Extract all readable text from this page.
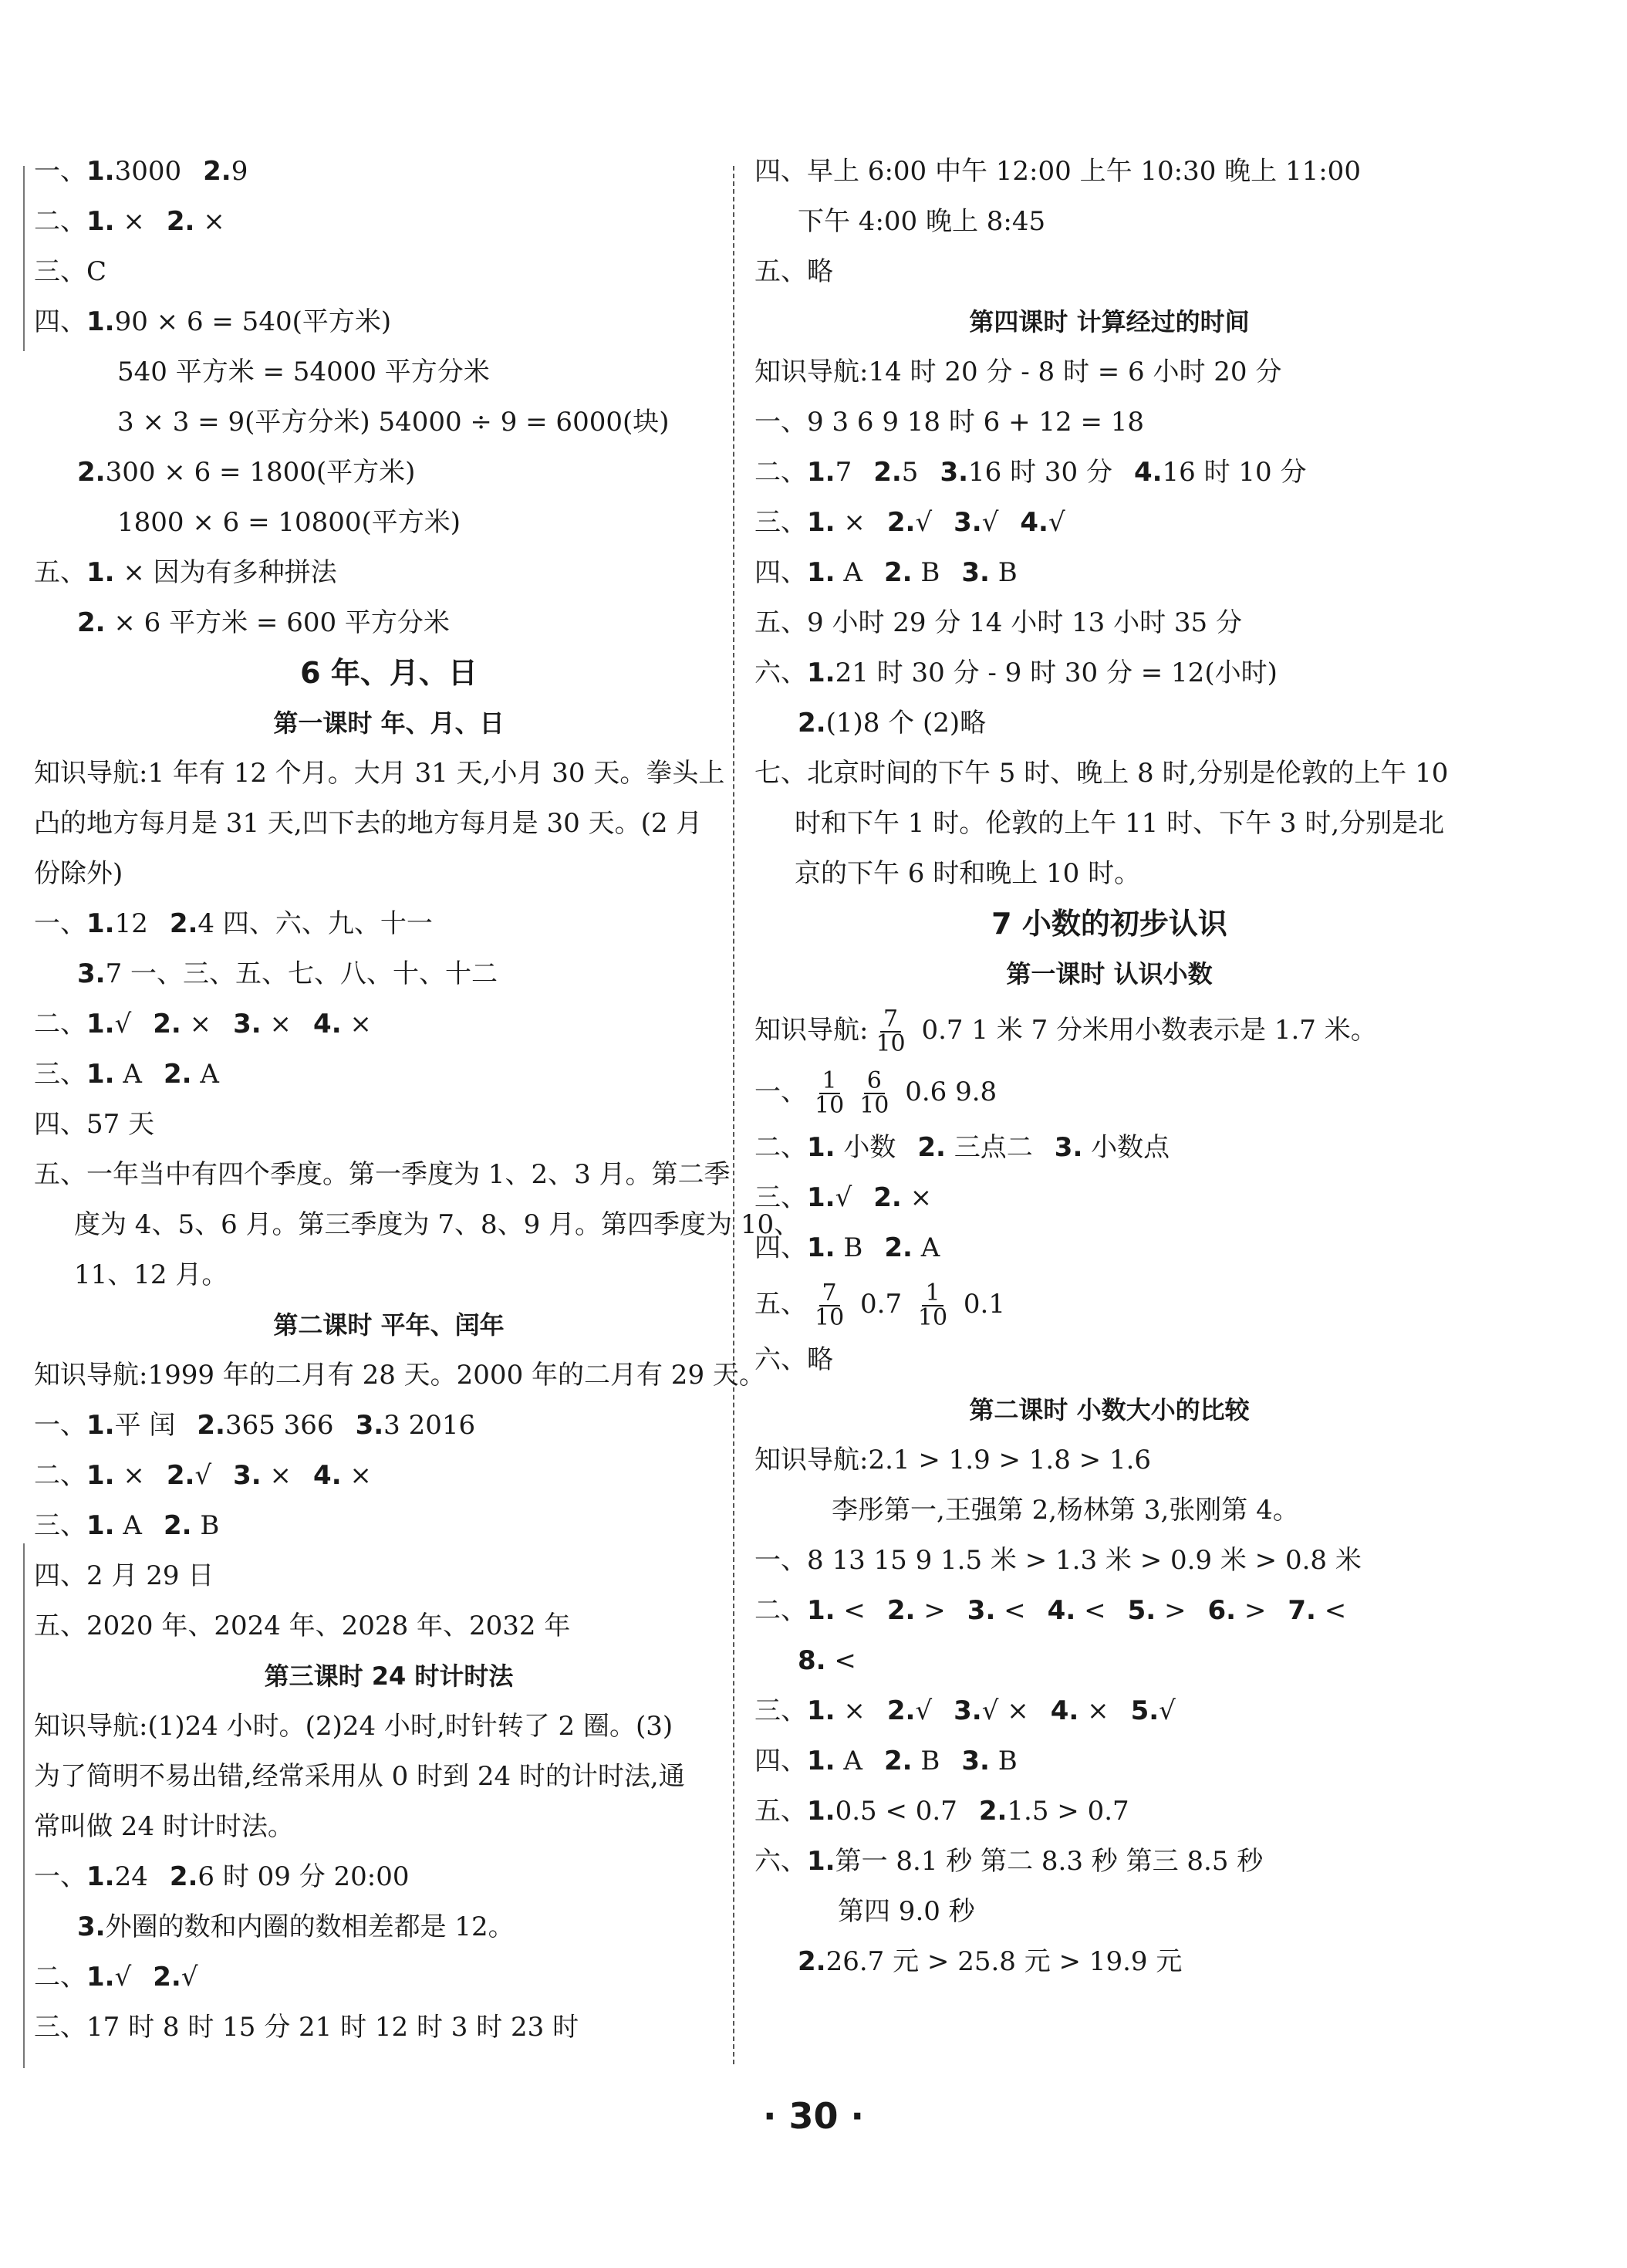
一、1.3000 2.9
二、1. × 2. ×
三、C
四、1.90 × 6 = 540(平方米)
540 平方米 = 54000 平方分米
3 × 3 = 9(平方分米) 54000 ÷ 9 = 6000(块)
2.300 × 6 = 1800(平方米)
1800 × 6 = 10800(平方米)
五、1. × 因为有多种拼法
2. × 6 平方米 = 600 平方分米
6 年、月、日
第一课时 年、月、日
知识导航:1 年有 12 个月。大月 31 天,小月 30 天。拳头上
凸的地方每月是 31 天,凹下去的地方每月是 30 天。(2 月
份除外)
一、1.12 2.4 四、六、九、十一
3.7 一、三、五、七、八、十、十二
二、1.√ 2. × 3. × 4. ×
三、1. A 2. A
四、57 天
五、一年当中有四个季度。第一季度为 1、2、3 月。第二季
度为 4、5、6 月。第三季度为 7、8、9 月。第四季度为 10、
11、12 月。
第二课时 平年、闰年
知识导航:1999 年的二月有 28 天。2000 年的二月有 29 天。
一、1.平 闰 2.365 366 3.3 2016
二、1. × 2.√ 3. × 4. ×
三、1. A 2. B
四、2 月 29 日
五、2020 年、2024 年、2028 年、2032 年
第三课时 24 时计时法
知识导航:(1)24 小时。(2)24 小时,时针转了 2 圈。(3)
为了简明不易出错,经常采用从 0 时到 24 时的计时法,通
常叫做 24 时计时法。
一、1.24 2.6 时 09 分 20:00
3.外圈的数和内圈的数相差都是 12。
二、1.√ 2.√
三、17 时 8 时 15 分 21 时 12 时 3 时 23 时
四、早上 6:00 中午 12:00 上午 10:30 晚上 11:00
下午 4:00 晚上 8:45
五、略
第四课时 计算经过的时间
知识导航:14 时 20 分 - 8 时 = 6 小时 20 分
一、9 3 6 9 18 时 6 + 12 = 18
二、1.7 2.5 3.16 时 30 分 4.16 时 10 分
三、1. × 2.√ 3.√ 4.√
四、1. A 2. B 3. B
五、9 小时 29 分 14 小时 13 小时 35 分
六、1.21 时 30 分 - 9 时 30 分 = 12(小时)
2.(1)8 个 (2)略
七、北京时间的下午 5 时、晚上 8 时,分别是伦敦的上午 10
时和下午 1 时。伦敦的上午 11 时、下午 3 时,分别是北
京的下午 6 时和晚上 10 时。
7 小数的初步认识
第一课时 认识小数
知识导航: $\frac{7}{10} 0.7$ 1 米 7 分米用小数表示是 1.7 米。
一、 $\frac{1}{10} \frac{6}{10} 0.6$ 9.8
二、1. 小数 2. 三点二 3. 小数点
三、1.√ 2. ×
四、1. B 2. A
五、 $\frac{7}{10} 0.7 \frac{1}{10} 0.1$
六、略
第二课时 小数大小的比较
知识导航:2.1 > 1.9 > 1.8 > 1.6
李彤第一,王强第 2,杨林第 3,张刚第 4。
一、8 13 15 9 1.5 米 > 1.3 米 > 0.9 米 > 0.8 米
二、1. < 2. > 3. < 4. < 5. > 6. > 7. <
8. <
三、1. × 2.√ 3.√ × 4. × 5.√
四、1. A 2. B 3. B
五、1.0.5 < 0.7 2.1.5 > 0.7
六、1.第一 8.1 秒 第二 8.3 秒 第三 8.5 秒
第四 9.0 秒
2.26.7 元 > 25.8 元 > 19.9 元
· 30 ·
